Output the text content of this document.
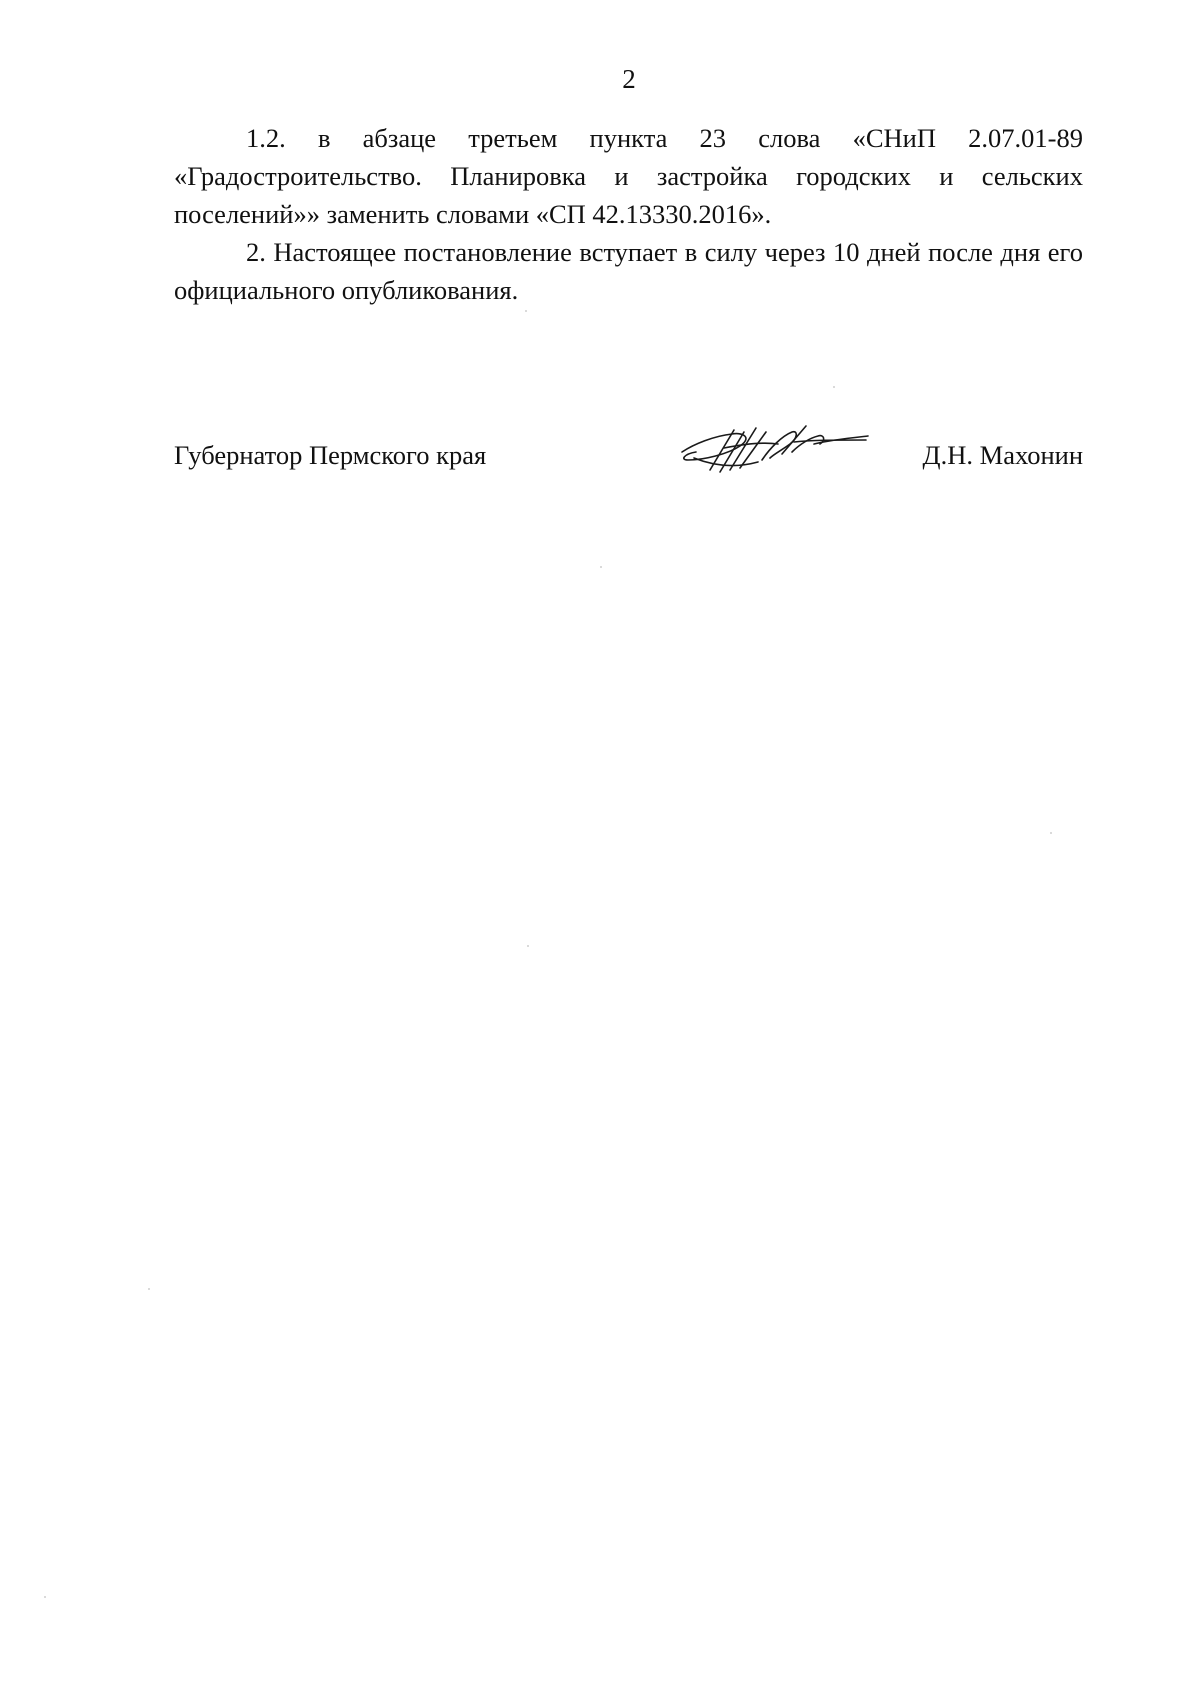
2

1.2. в абзаце третьем пункта 23 слова «СНиП 2.07.01-89 «Градостроительство. Планировка и застройка городских и сельских поселений»» заменить словами «СП 42.13330.2016».

2. Настоящее постановление вступает в силу через 10 дней после дня его официального опубликования.

Губернатор Пермского края	Д.Н. Махонин
